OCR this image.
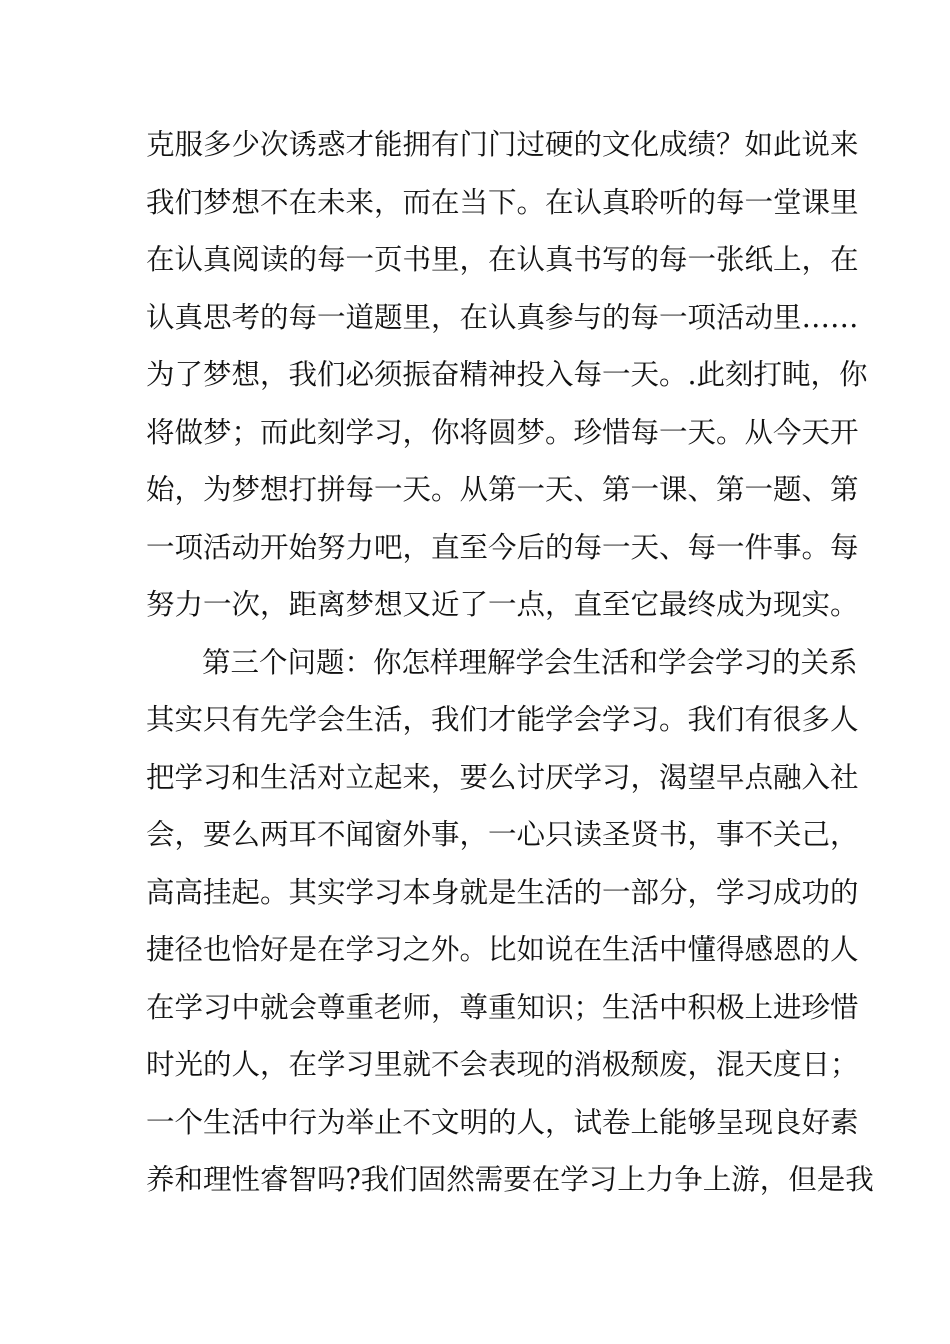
克服多少次诱惑才能拥有门门过硬的文化成绩？如此说来
我们梦想不在未来，而在当下。在认真聆听的每一堂课里
在认真阅读的每一页书里，在认真书写的每一张纸上，在
认真思考的每一道题里，在认真参与的每一项活动里……
为了梦想，我们必须振奋精神投入每一天。.此刻打盹，你
将做梦；而此刻学习，你将圆梦。珍惜每一天。从今天开
始，为梦想打拼每一天。从第一天、第一课、第一题、第
一项活动开始努力吧，直至今后的每一天、每一件事。每
努力一次，距离梦想又近了一点，直至它最终成为现实。
第三个问题：你怎样理解学会生活和学会学习的关系
其实只有先学会生活，我们才能学会学习。我们有很多人
把学习和生活对立起来，要么讨厌学习，渴望早点融入社
会，要么两耳不闻窗外事，一心只读圣贤书，事不关己，
高高挂起。其实学习本身就是生活的一部分，学习成功的
捷径也恰好是在学习之外。比如说在生活中懂得感恩的人
在学习中就会尊重老师，尊重知识；生活中积极上进珍惜
时光的人，在学习里就不会表现的消极颓废，混天度日；
一个生活中行为举止不文明的人，试卷上能够呈现良好素
养和理性睿智吗?我们固然需要在学习上力争上游，但是我
